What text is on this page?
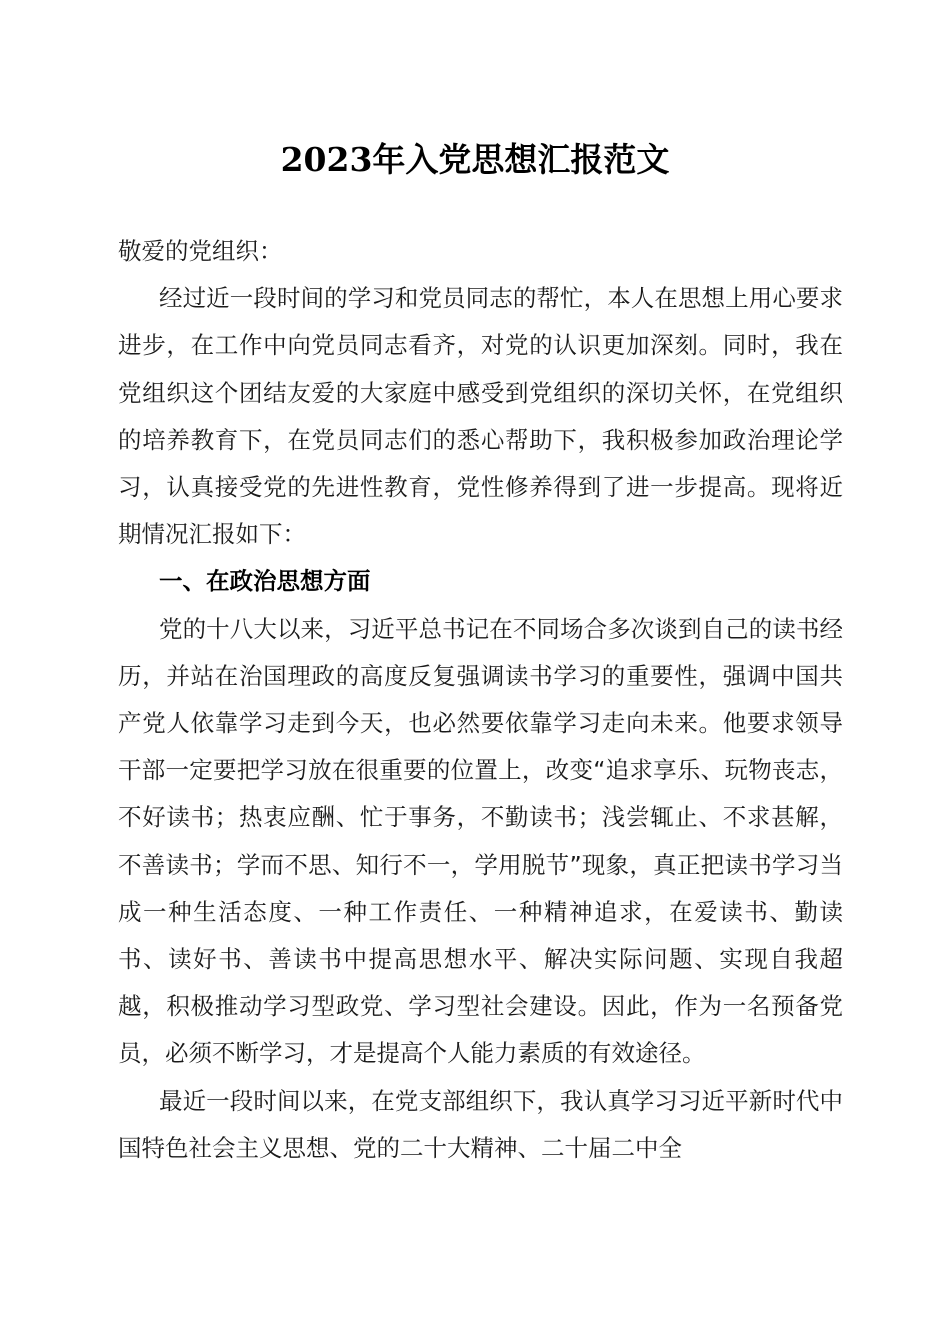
2023年入党思想汇报范文

敬爱的党组织：

经过近一段时间的学习和党员同志的帮忙，本人在思想上用心要求进步，在工作中向党员同志看齐，对党的认识更加深刻。同时，我在党组织这个团结友爱的大家庭中感受到党组织的深切关怀，在党组织的培养教育下，在党员同志们的悉心帮助下，我积极参加政治理论学习，认真接受党的先进性教育，党性修养得到了进一步提高。现将近期情况汇报如下：

一、在政治思想方面

党的十八大以来，习近平总书记在不同场合多次谈到自己的读书经历，并站在治国理政的高度反复强调读书学习的重要性，强调中国共产党人依靠学习走到今天，也必然要依靠学习走向未来。他要求领导干部一定要把学习放在很重要的位置上，改变“追求享乐、玩物丧志，不好读书；热衷应酬、忙于事务，不勤读书；浅尝辄止、不求甚解，不善读书；学而不思、知行不一，学用脱节”现象，真正把读书学习当成一种生活态度、一种工作责任、一种精神追求，在爱读书、勤读书、读好书、善读书中提高思想水平、解决实际问题、实现自我超越，积极推动学习型政党、学习型社会建设。因此，作为一名预备党员，必须不断学习，才是提高个人能力素质的有效途径。

最近一段时间以来，在党支部组织下，我认真学习习近平新时代中国特色社会主义思想、党的二十大精神、二十届二中全
